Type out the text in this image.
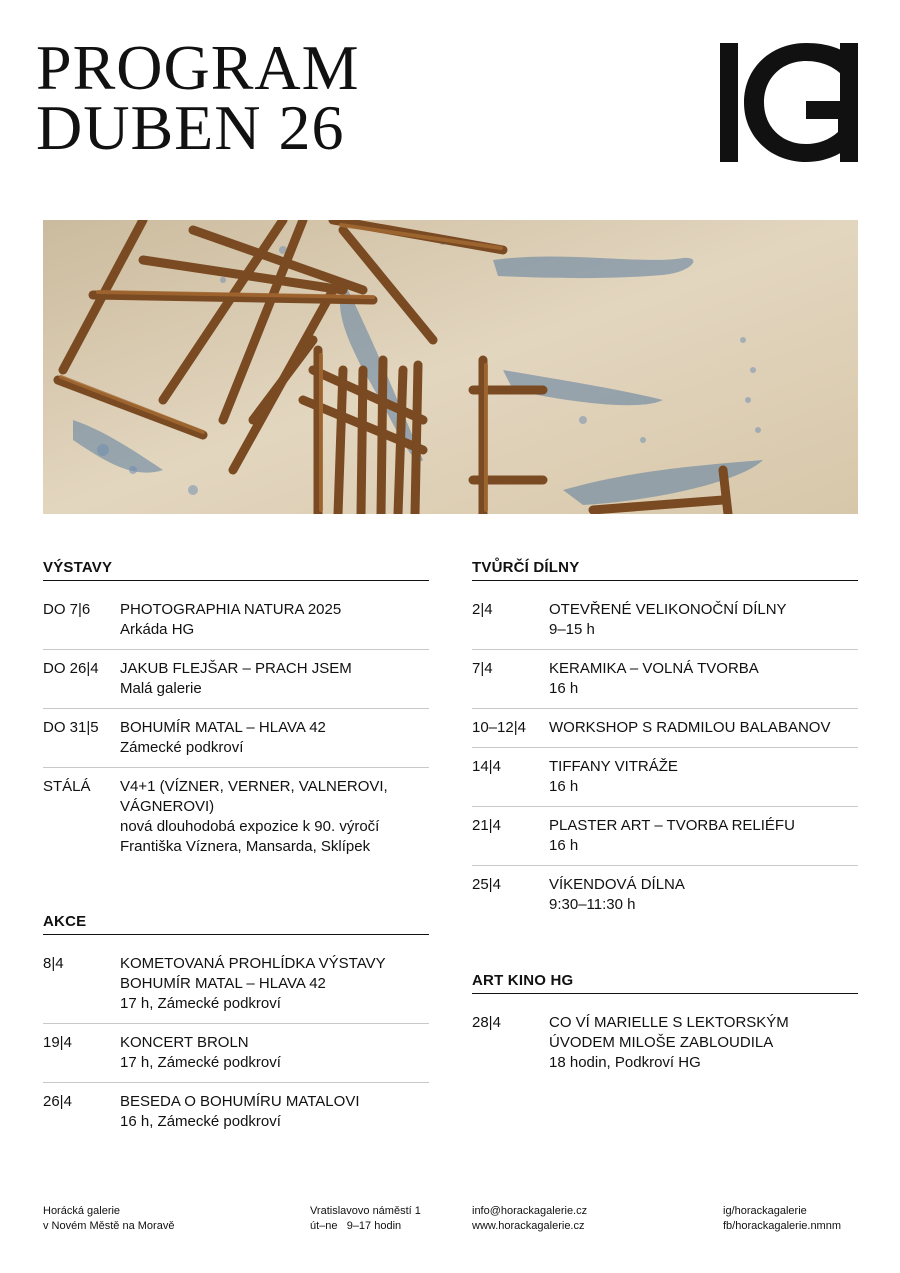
PROGRAM
DUBEN 26
VÝSTAVY
DO 7|6	PHOTOGRAPHIA NATURA 2025
Arkáda HG
DO 26|4	JAKUB FLEJŠAR – PRACH JSEM
Malá galerie
DO 31|5	BOHUMÍR MATAL – HLAVA 42
Zámecké podkroví
STÁLÁ	V4+1 (VÍZNER, VERNER, VALNEROVI, VÁGNEROVI)
nová dlouhodobá expozice k 90. výročí Františka Víznera, Mansarda, Sklípek
AKCE
8|4	KOMETOVANÁ PROHLÍDKA VÝSTAVY BOHUMÍR MATAL – HLAVA 42
17 h, Zámecké podkroví
19|4	KONCERT BROLN
17 h, Zámecké podkroví
26|4	BESEDA O BOHUMÍRU MATALOVI
16 h, Zámecké podkroví
TVŮRČÍ DÍLNY
2|4	OTEVŘENÉ VELIKONOČNÍ DÍLNY
9–15 h
7|4	KERAMIKA – VOLNÁ TVORBA
16 h
10–12|4	WORKSHOP S RADMILOU BALABANOV
14|4	TIFFANY VITRÁŽE
16 h
21|4	PLASTER ART – TVORBA RELIÉFU
16 h
25|4	VÍKENDOVÁ DÍLNA
9:30–11:30 h
ART KINO HG
28|4	CO VÍ MARIELLE S LEKTORSKÝM ÚVODEM MILOŠE ZABLOUDILA
18 hodin, Podkroví HG
Horácká galerie
v Novém Městě na Moravě
Vratislavovo náměstí 1
út–ne   9–17 hodin
info@horackagalerie.cz
www.horackagalerie.cz
ig/horackagalerie
fb/horackagalerie.nmnm
